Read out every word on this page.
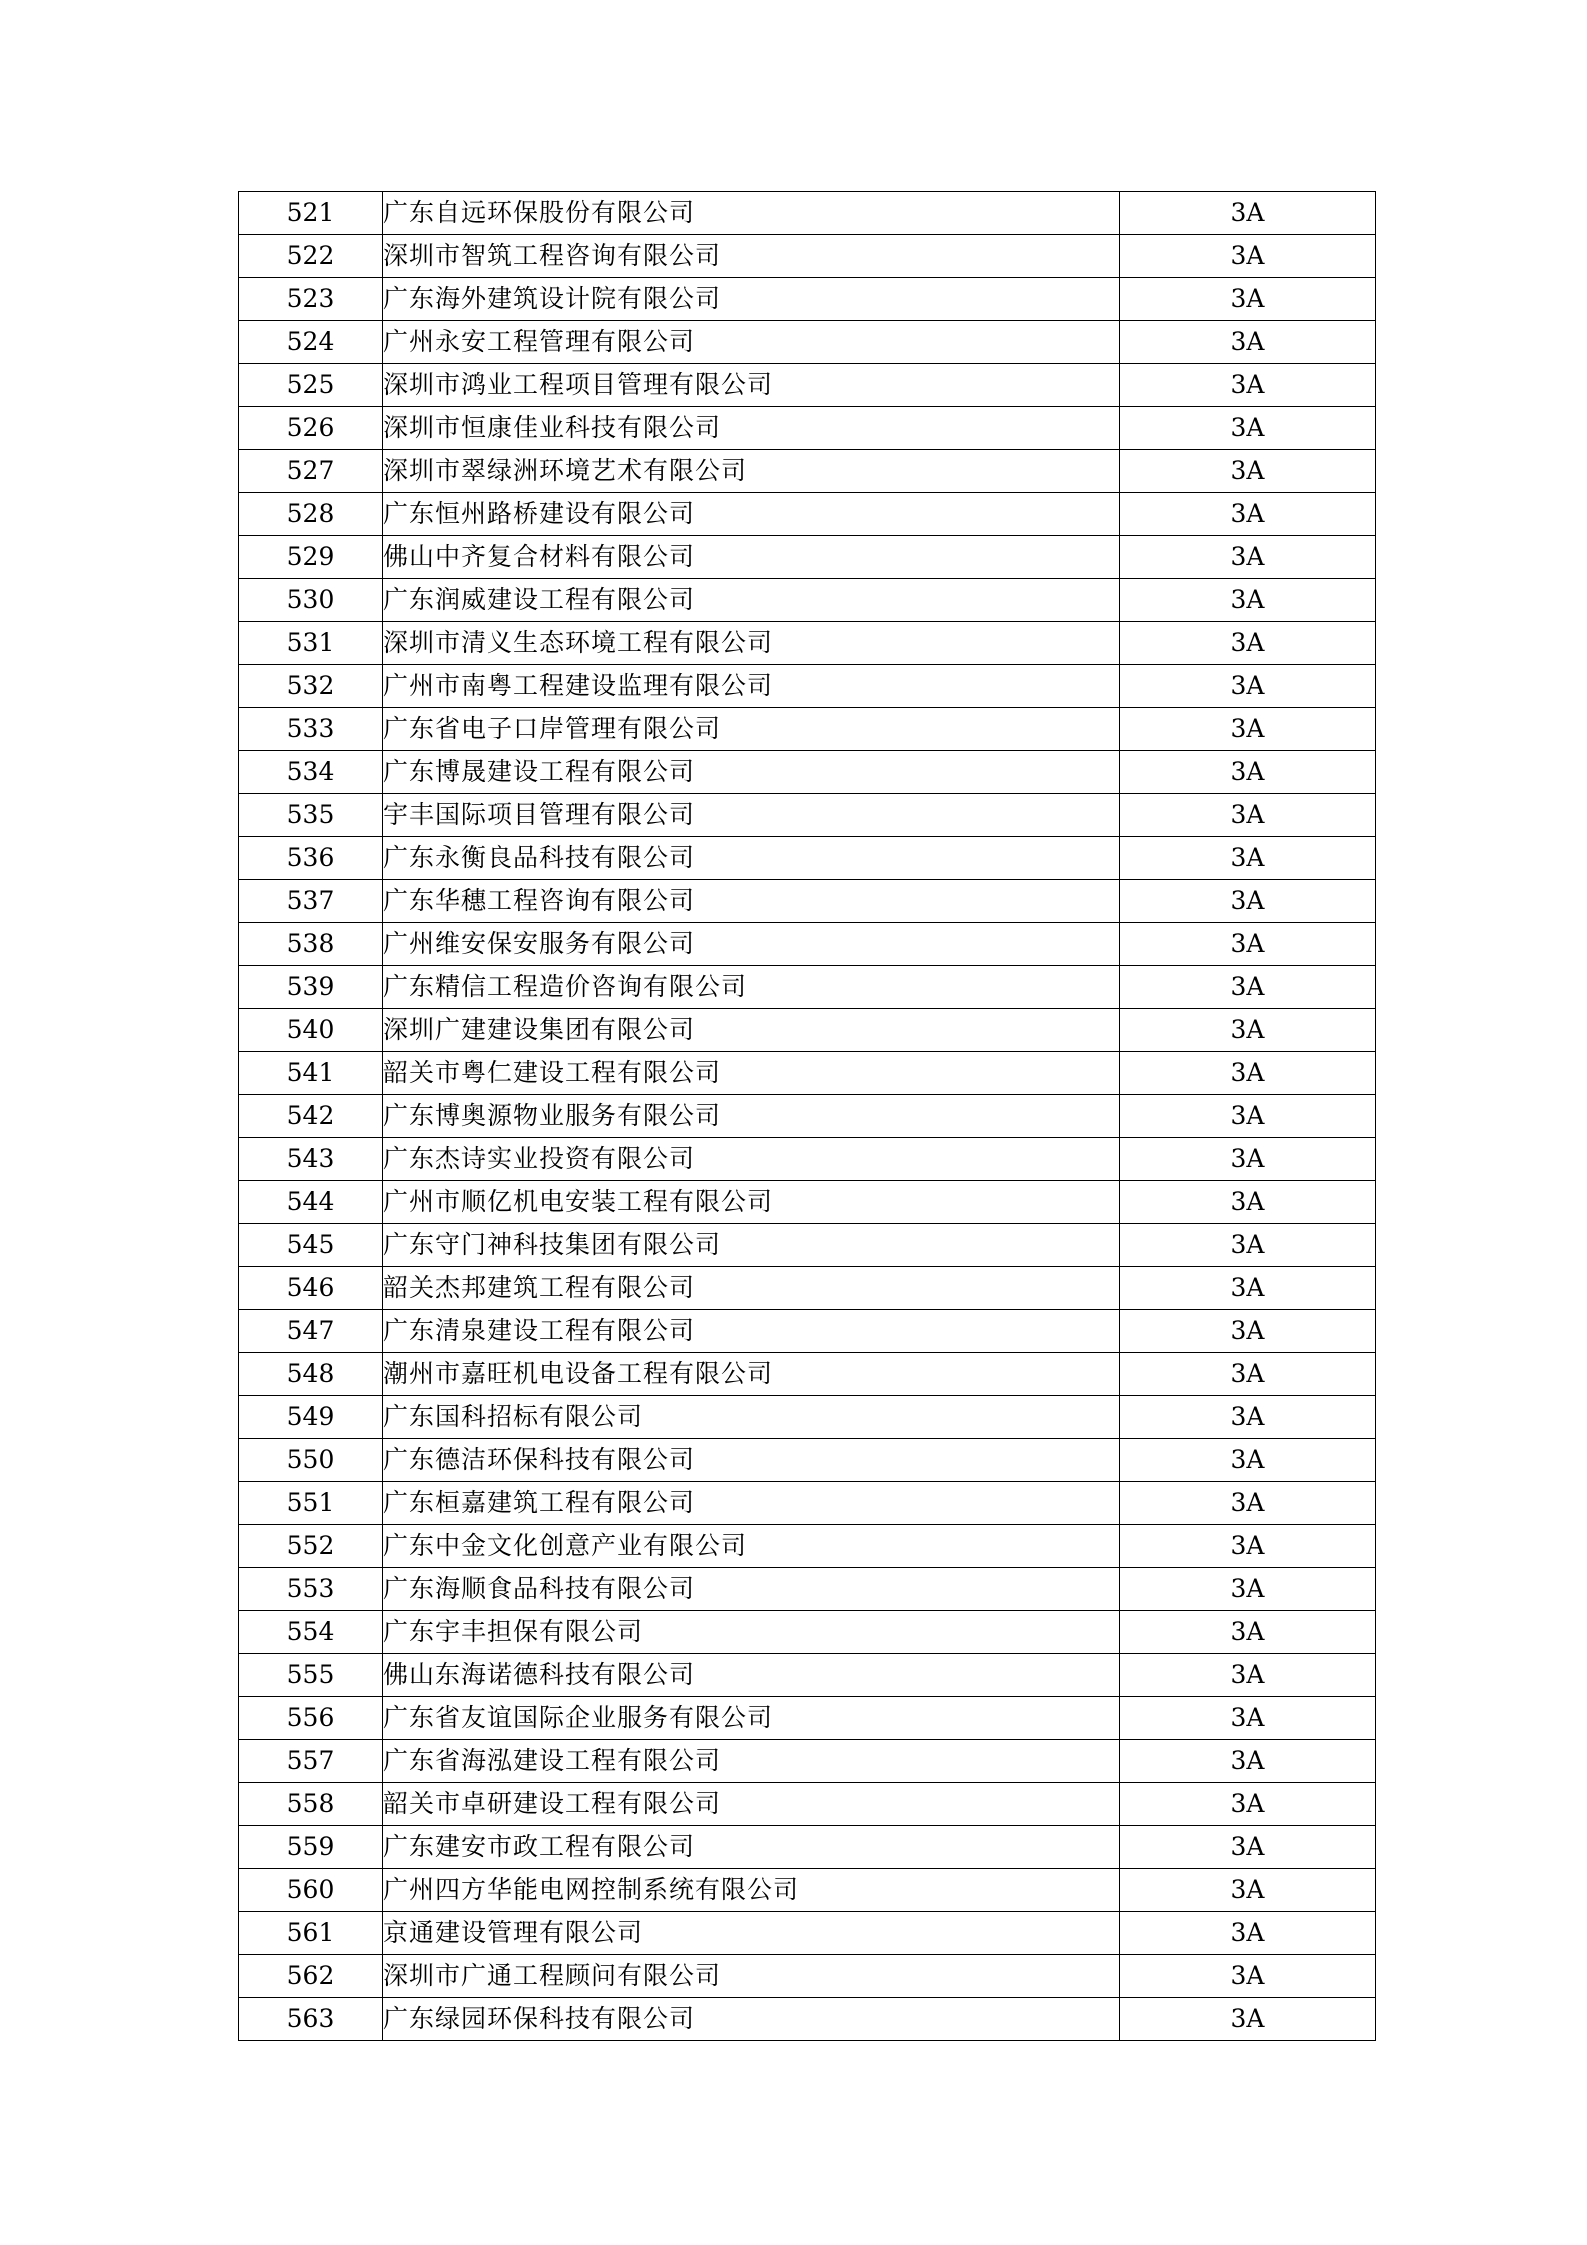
521	广东自远环保股份有限公司	3A
522	深圳市智筑工程咨询有限公司	3A
523	广东海外建筑设计院有限公司	3A
524	广州永安工程管理有限公司	3A
525	深圳市鸿业工程项目管理有限公司	3A
526	深圳市恒康佳业科技有限公司	3A
527	深圳市翠绿洲环境艺术有限公司	3A
528	广东恒州路桥建设有限公司	3A
529	佛山中齐复合材料有限公司	3A
530	广东润威建设工程有限公司	3A
531	深圳市清义生态环境工程有限公司	3A
532	广州市南粤工程建设监理有限公司	3A
533	广东省电子口岸管理有限公司	3A
534	广东博晟建设工程有限公司	3A
535	宇丰国际项目管理有限公司	3A
536	广东永衡良品科技有限公司	3A
537	广东华穗工程咨询有限公司	3A
538	广州维安保安服务有限公司	3A
539	广东精信工程造价咨询有限公司	3A
540	深圳广建建设集团有限公司	3A
541	韶关市粤仁建设工程有限公司	3A
542	广东博奥源物业服务有限公司	3A
543	广东杰诗实业投资有限公司	3A
544	广州市顺亿机电安装工程有限公司	3A
545	广东守门神科技集团有限公司	3A
546	韶关杰邦建筑工程有限公司	3A
547	广东清泉建设工程有限公司	3A
548	潮州市嘉旺机电设备工程有限公司	3A
549	广东国科招标有限公司	3A
550	广东德洁环保科技有限公司	3A
551	广东桓嘉建筑工程有限公司	3A
552	广东中金文化创意产业有限公司	3A
553	广东海顺食品科技有限公司	3A
554	广东宇丰担保有限公司	3A
555	佛山东海诺德科技有限公司	3A
556	广东省友谊国际企业服务有限公司	3A
557	广东省海泓建设工程有限公司	3A
558	韶关市卓研建设工程有限公司	3A
559	广东建安市政工程有限公司	3A
560	广州四方华能电网控制系统有限公司	3A
561	京通建设管理有限公司	3A
562	深圳市广通工程顾问有限公司	3A
563	广东绿园环保科技有限公司	3A
